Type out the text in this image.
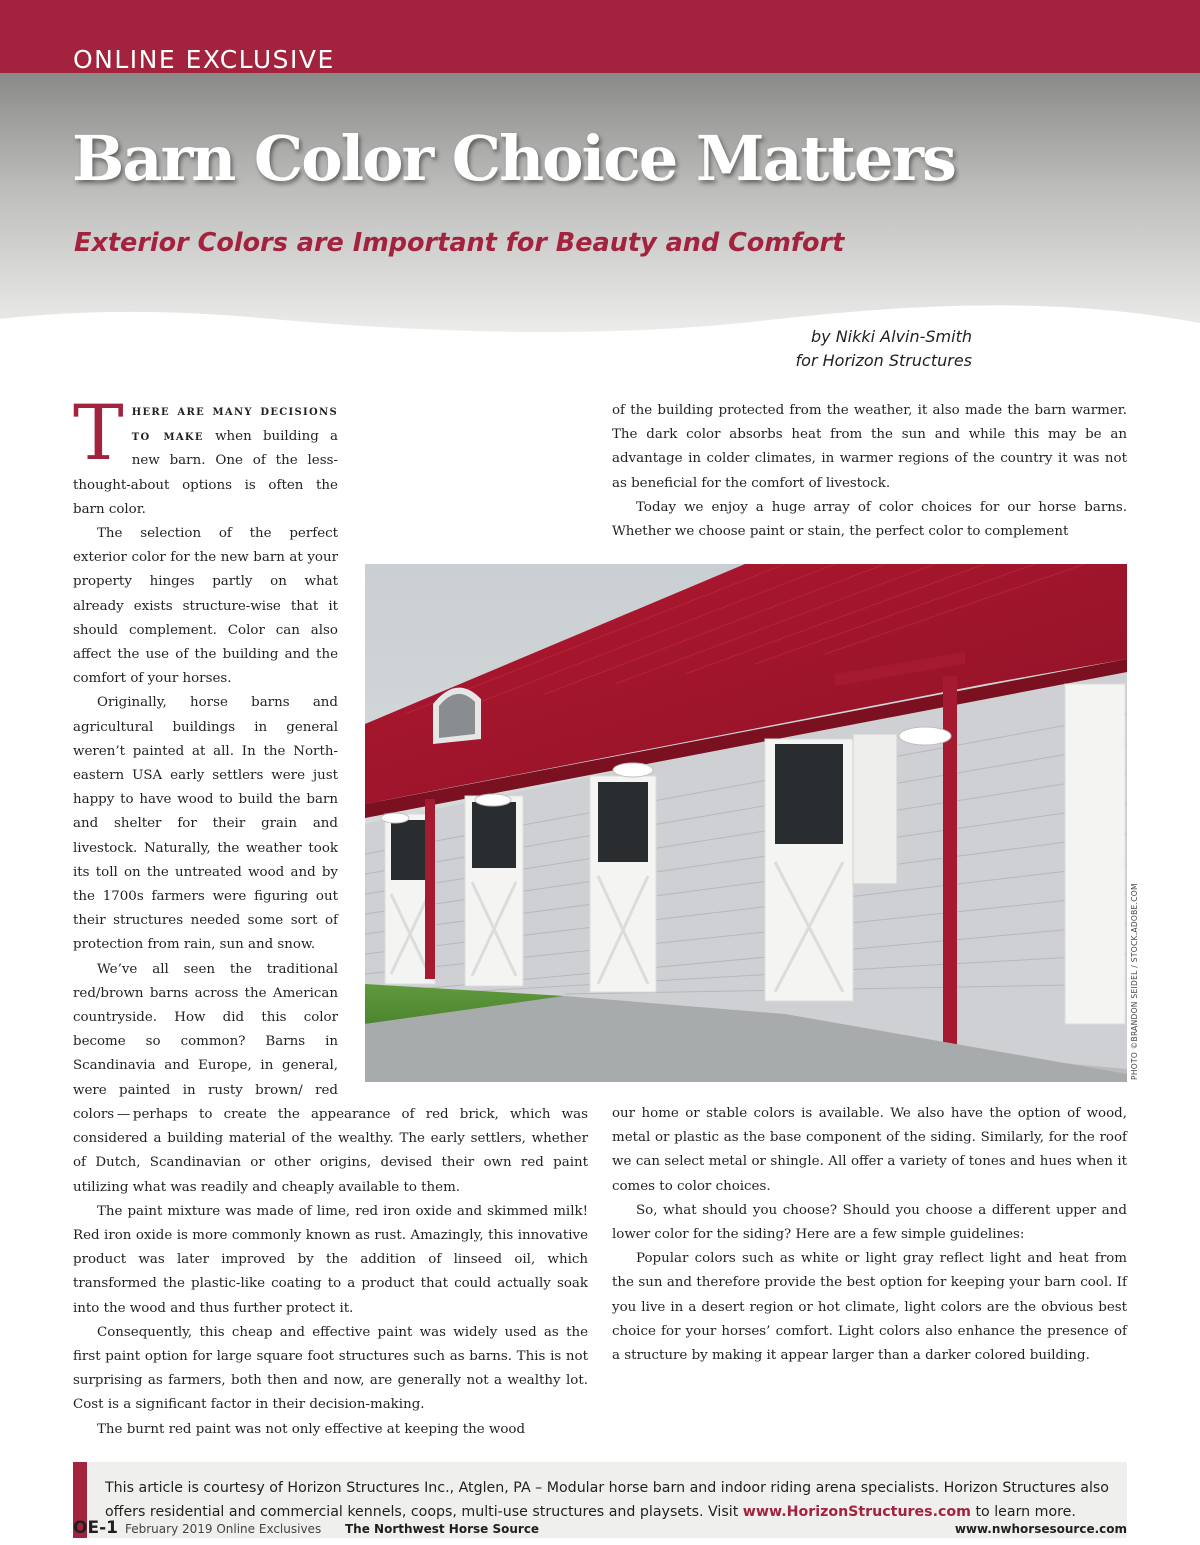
ONLINE EXCLUSIVE
Barn Color Choice Matters
Exterior Colors are Important for Beauty and Comfort
by Nikki Alvin-Smith
for Horizon Structures

There are many decisions to make when building a new barn. One of the less-thought-about options is often the barn color.

The selection of the perfect exterior color for the new barn at your property hinges partly on what already exists structure-wise that it should complement. Color can also affect the use of the building and the comfort of your horses.

Originally, horse barns and agricultural buildings in general weren’t painted at all. In the Northeastern USA early settlers were just happy to have wood to build the barn and shelter for their grain and livestock. Naturally, the weather took its toll on the untreated wood and by the 1700s farmers were figuring out their structures needed some sort of protection from rain, sun and snow.

We’ve all seen the traditional red/brown barns across the American countryside. How did this color become so common? Barns in Scandinavia and Europe, in general, were painted in rusty brown/ red colors — perhaps to create the appearance of red brick, which was considered a building material of the wealthy. The early settlers, whether of Dutch, Scandinavian or other origins, devised their own red paint utilizing what was readily and cheaply available to them.

The paint mixture was made of lime, red iron oxide and skimmed milk! Red iron oxide is more commonly known as rust. Amazingly, this innovative product was later improved by the addition of linseed oil, which transformed the plastic-like coating to a product that could actually soak into the wood and thus further protect it.

Consequently, this cheap and effective paint was widely used as the first paint option for large square foot structures such as barns. This is not surprising as farmers, both then and now, are generally not a wealthy lot. Cost is a significant factor in their decision-making.

The burnt red paint was not only effective at keeping the wood

of the building protected from the weather, it also made the barn warmer. The dark color absorbs heat from the sun and while this may be an advantage in colder climates, in warmer regions of the country it was not as beneficial for the comfort of livestock.

Today we enjoy a huge array of color choices for our horse barns. Whether we choose paint or stain, the perfect color to complement

PHOTO ©BRANDON SEIDEL / STOCK.ADOBE.COM

our home or stable colors is available. We also have the option of wood, metal or plastic as the base component of the siding. Similarly, for the roof we can select metal or shingle. All offer a variety of tones and hues when it comes to color choices.

So, what should you choose? Should you choose a different upper and lower color for the siding? Here are a few simple guidelines:

Popular colors such as white or light gray reflect light and heat from the sun and therefore provide the best option for keeping your barn cool. If you live in a desert region or hot climate, light colors are the obvious best choice for your horses’ comfort. Light colors also enhance the presence of a structure by making it appear larger than a darker colored building.

This article is courtesy of Horizon Structures Inc., Atglen, PA – Modular horse barn and indoor riding arena specialists. Horizon Structures also offers residential and commercial kennels, coops, multi-use structures and playsets. Visit www.HorizonStructures.com to learn more.
OE-1 February 2019 Online Exclusives The Northwest Horse Source	www.nwhorsesource.com
